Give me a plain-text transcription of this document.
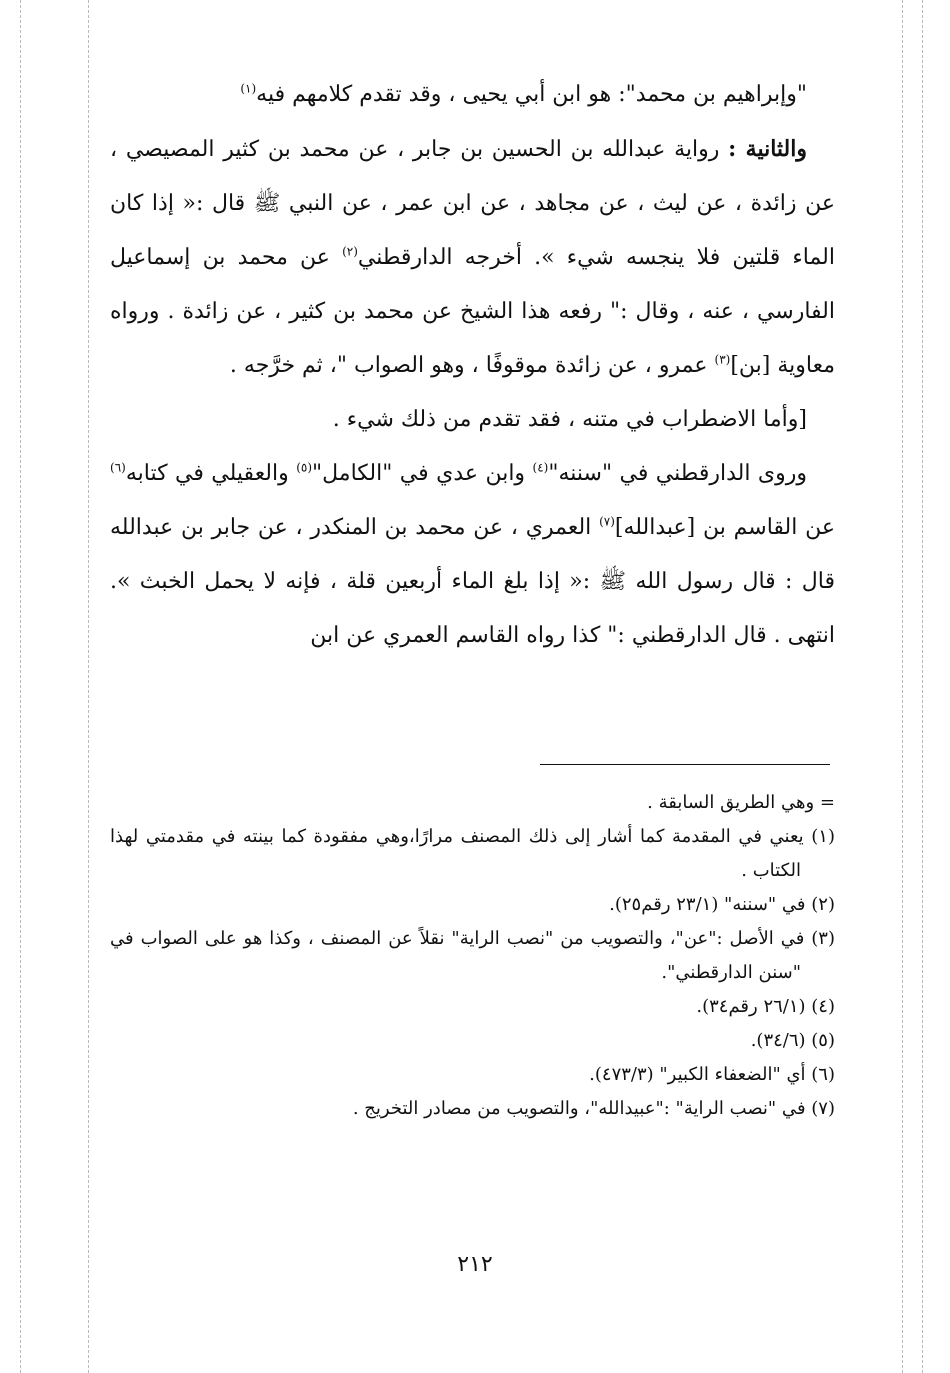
"وإبراهيم بن محمد": هو ابن أبي يحيى ، وقد تقدم كلامهم فيه$^{(١)}$

والثانية : رواية عبدالله بن الحسين بن جابر ، عن محمد بن كثير المصيصي ، عن زائدة ، عن ليث ، عن مجاهد ، عن ابن عمر ، عن النبي ﷺ قال :« إذا كان الماء قلتين فلا ينجسه شيء ». أخرجه الدارقطني$^{(٢)}$ عن محمد بن إسماعيل الفارسي ، عنه ، وقال :" رفعه هذا الشيخ عن محمد بن كثير ، عن زائدة . ورواه معاوية [بن]$^{(٣)}$ عمرو ، عن زائدة موقوفًا ، وهو الصواب "، ثم خرَّجه .

[وأما الاضطراب في متنه ، فقد تقدم من ذلك شيء .

وروى الدارقطني في "سننه"$^{(٤)}$ وابن عدي في "الكامل"$^{(٥)}$ والعقيلي في كتابه$^{(٦)}$ عن القاسم بن [عبدالله]$^{(٧)}$ العمري ، عن محمد بن المنكدر ، عن جابر بن عبدالله قال : قال رسول الله ﷺ :« إذا بلغ الماء أربعين قلة ، فإنه لا يحمل الخبث ». انتهى . قال الدارقطني :" كذا رواه القاسم العمري عن ابن

= وهي الطريق السابقة .

(١) يعني في المقدمة كما أشار إلى ذلك المصنف مرارًا،وهي مفقودة كما بينته في مقدمتي لهذا الكتاب .

(٢) في "سننه" (٢٣/١ رقم٢٥).

(٣) في الأصل :"عن"، والتصويب من "نصب الراية" نقلاً عن المصنف ، وكذا هو على الصواب في "سنن الدارقطني".

(٤) (٢٦/١ رقم٣٤).

(٥) (٣٤/٦).

(٦) أي "الضعفاء الكبير" (٤٧٣/٣).

(٧) في "نصب الراية" :"عبيدالله"، والتصويب من مصادر التخريج .

٢١٢
